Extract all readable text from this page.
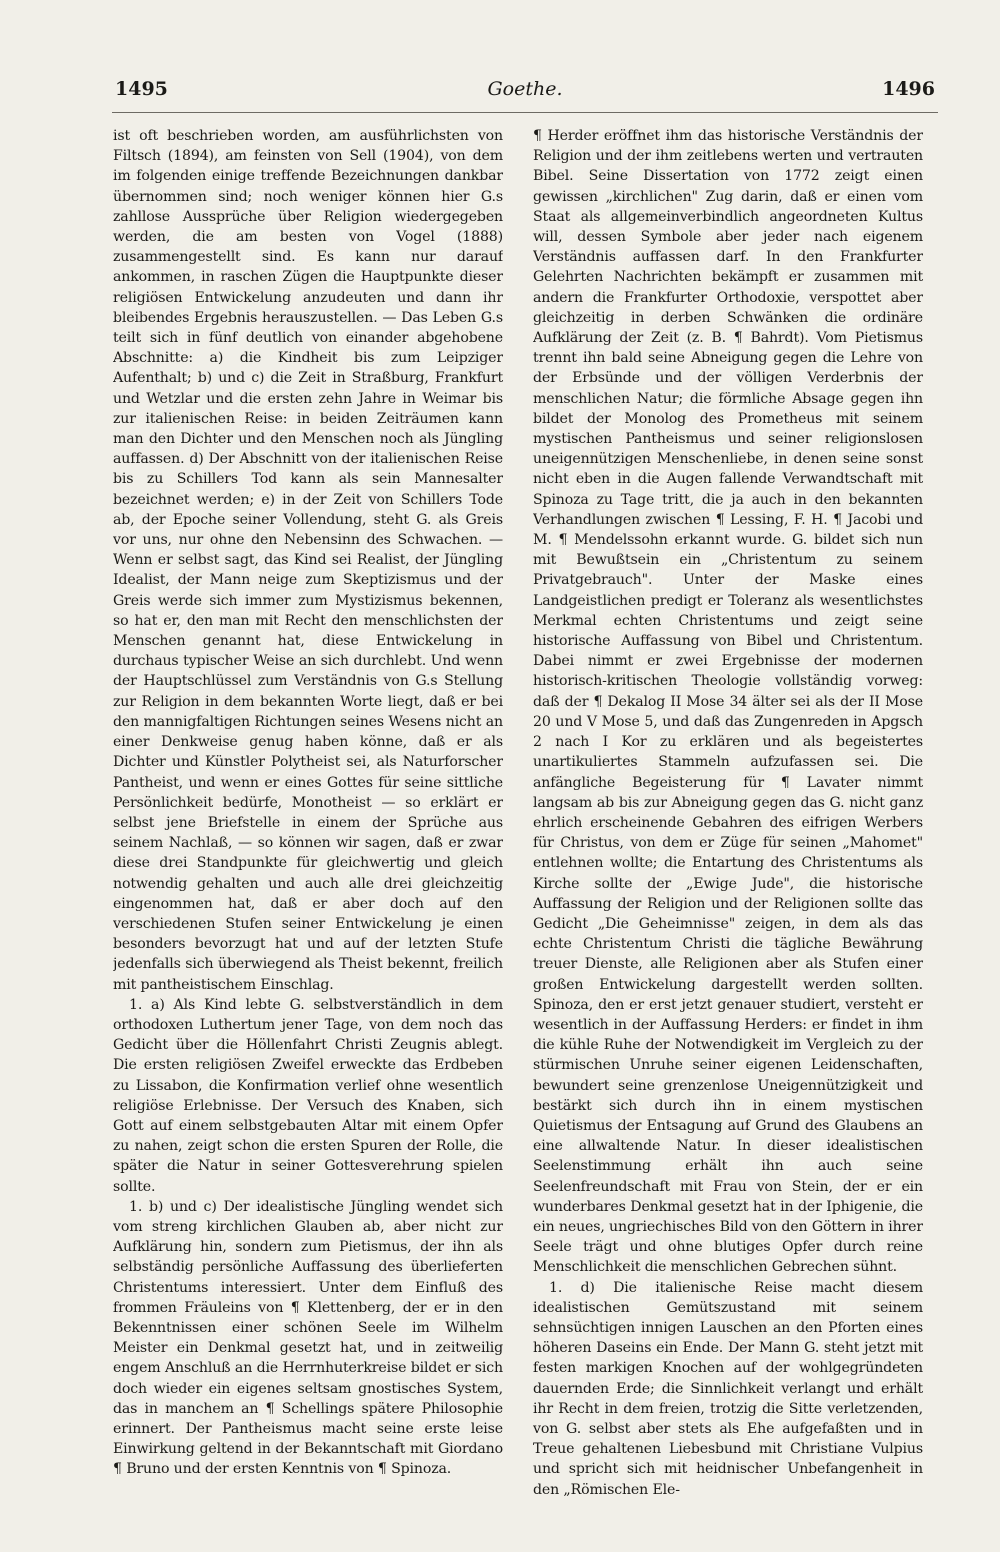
1495	Goethe.	1496

ist oft beschrieben worden, am ausführlichsten von Filtsch (1894), am feinsten von Sell (1904), von dem im folgenden einige treffende Bezeichnungen dankbar übernommen sind; noch weniger können hier G.s zahllose Aussprüche über Religion wiedergegeben werden, die am besten von Vogel (1888) zusammengestellt sind. Es kann nur darauf ankommen, in raschen Zügen die Hauptpunkte dieser religiösen Entwickelung anzudeuten und dann ihr bleibendes Ergebnis herauszustellen. — Das Leben G.s teilt sich in fünf deutlich von einander abgehobene Abschnitte: a) die Kindheit bis zum Leipziger Aufenthalt; b) und c) die Zeit in Straßburg, Frankfurt und Wetzlar und die ersten zehn Jahre in Weimar bis zur italienischen Reise: in beiden Zeiträumen kann man den Dichter und den Menschen noch als Jüngling auffassen. d) Der Abschnitt von der italienischen Reise bis zu Schillers Tod kann als sein Mannesalter bezeichnet werden; e) in der Zeit von Schillers Tode ab, der Epoche seiner Vollendung, steht G. als Greis vor uns, nur ohne den Nebensinn des Schwachen. — Wenn er selbst sagt, das Kind sei Realist, der Jüngling Idealist, der Mann neige zum Skeptizismus und der Greis werde sich immer zum Mystizismus bekennen, so hat er, den man mit Recht den menschlichsten der Menschen genannt hat, diese Entwickelung in durchaus typischer Weise an sich durchlebt. Und wenn der Hauptschlüssel zum Verständnis von G.s Stellung zur Religion in dem bekannten Worte liegt, daß er bei den mannigfaltigen Richtungen seines Wesens nicht an einer Denkweise genug haben könne, daß er als Dichter und Künstler Polytheist sei, als Naturforscher Pantheist, und wenn er eines Gottes für seine sittliche Persönlichkeit bedürfe, Monotheist — so erklärt er selbst jene Briefstelle in einem der Sprüche aus seinem Nachlaß, — so können wir sagen, daß er zwar diese drei Standpunkte für gleichwertig und gleich notwendig gehalten und auch alle drei gleichzeitig eingenommen hat, daß er aber doch auf den verschiedenen Stufen seiner Entwickelung je einen besonders bevorzugt hat und auf der letzten Stufe jedenfalls sich überwiegend als Theist bekennt, freilich mit pantheistischem Einschlag.

1. a) Als Kind lebte G. selbstverständlich in dem orthodoxen Luthertum jener Tage, von dem noch das Gedicht über die Höllenfahrt Christi Zeugnis ablegt. Die ersten religiösen Zweifel erweckte das Erdbeben zu Lissabon, die Konfirmation verlief ohne wesentlich religiöse Erlebnisse. Der Versuch des Knaben, sich Gott auf einem selbstgebauten Altar mit einem Opfer zu nahen, zeigt schon die ersten Spuren der Rolle, die später die Natur in seiner Gottesverehrung spielen sollte.

1. b) und c) Der idealistische Jüngling wendet sich vom streng kirchlichen Glauben ab, aber nicht zur Aufklärung hin, sondern zum Pietismus, der ihn als selbständig persönliche Auffassung des überlieferten Christentums interessiert. Unter dem Einfluß des frommen Fräuleins von ¶ Klettenberg, der er in den Bekenntnissen einer schönen Seele im Wilhelm Meister ein Denkmal gesetzt hat, und in zeitweilig engem Anschluß an die Herrnhuterkreise bildet er sich doch wieder ein eigenes seltsam gnostisches System, das in manchem an ¶ Schellings spätere Philosophie erinnert. Der Pantheismus macht seine erste leise Einwirkung geltend in der Bekanntschaft mit Giordano ¶ Bruno und der ersten Kenntnis von ¶ Spinoza.

¶ Herder eröffnet ihm das historische Verständnis der Religion und der ihm zeitlebens werten und vertrauten Bibel. Seine Dissertation von 1772 zeigt einen gewissen „kirchlichen" Zug darin, daß er einen vom Staat als allgemeinverbindlich angeordneten Kultus will, dessen Symbole aber jeder nach eigenem Verständnis auffassen darf. In den Frankfurter Gelehrten Nachrichten bekämpft er zusammen mit andern die Frankfurter Orthodoxie, verspottet aber gleichzeitig in derben Schwänken die ordinäre Aufklärung der Zeit (z. B. ¶ Bahrdt). Vom Pietismus trennt ihn bald seine Abneigung gegen die Lehre von der Erbsünde und der völligen Verderbnis der menschlichen Natur; die förmliche Absage gegen ihn bildet der Monolog des Prometheus mit seinem mystischen Pantheismus und seiner religionslosen uneigennützigen Menschenliebe, in denen seine sonst nicht eben in die Augen fallende Verwandtschaft mit Spinoza zu Tage tritt, die ja auch in den bekannten Verhandlungen zwischen ¶ Lessing, F. H. ¶ Jacobi und M. ¶ Mendelssohn erkannt wurde. G. bildet sich nun mit Bewußtsein ein „Christentum zu seinem Privatgebrauch". Unter der Maske eines Landgeistlichen predigt er Toleranz als wesentlichstes Merkmal echten Christentums und zeigt seine historische Auffassung von Bibel und Christentum. Dabei nimmt er zwei Ergebnisse der modernen historisch-kritischen Theologie vollständig vorweg: daß der ¶ Dekalog II Mose 34 älter sei als der II Mose 20 und V Mose 5, und daß das Zungenreden in Apgsch 2 nach I Kor zu erklären und als begeistertes unartikuliertes Stammeln aufzufassen sei. Die anfängliche Begeisterung für ¶ Lavater nimmt langsam ab bis zur Abneigung gegen das G. nicht ganz ehrlich erscheinende Gebahren des eifrigen Werbers für Christus, von dem er Züge für seinen „Mahomet" entlehnen wollte; die Entartung des Christentums als Kirche sollte der „Ewige Jude", die historische Auffassung der Religion und der Religionen sollte das Gedicht „Die Geheimnisse" zeigen, in dem als das echte Christentum Christi die tägliche Bewährung treuer Dienste, alle Religionen aber als Stufen einer großen Entwickelung dargestellt werden sollten. Spinoza, den er erst jetzt genauer studiert, versteht er wesentlich in der Auffassung Herders: er findet in ihm die kühle Ruhe der Notwendigkeit im Vergleich zu der stürmischen Unruhe seiner eigenen Leidenschaften, bewundert seine grenzenlose Uneigennützigkeit und bestärkt sich durch ihn in einem mystischen Quietismus der Entsagung auf Grund des Glaubens an eine allwaltende Natur. In dieser idealistischen Seelenstimmung erhält ihn auch seine Seelenfreundschaft mit Frau von Stein, der er ein wunderbares Denkmal gesetzt hat in der Iphigenie, die ein neues, ungriechisches Bild von den Göttern in ihrer Seele trägt und ohne blutiges Opfer durch reine Menschlichkeit die menschlichen Gebrechen sühnt.

1. d) Die italienische Reise macht diesem idealistischen Gemütszustand mit seinem sehnsüchtigen innigen Lauschen an den Pforten eines höheren Daseins ein Ende. Der Mann G. steht jetzt mit festen markigen Knochen auf der wohlgegründeten dauernden Erde; die Sinnlichkeit verlangt und erhält ihr Recht in dem freien, trotzig die Sitte verletzenden, von G. selbst aber stets als Ehe aufgefaßten und in Treue gehaltenen Liebesbund mit Christiane Vulpius und spricht sich mit heidnischer Unbefangenheit in den „Römischen Ele-
